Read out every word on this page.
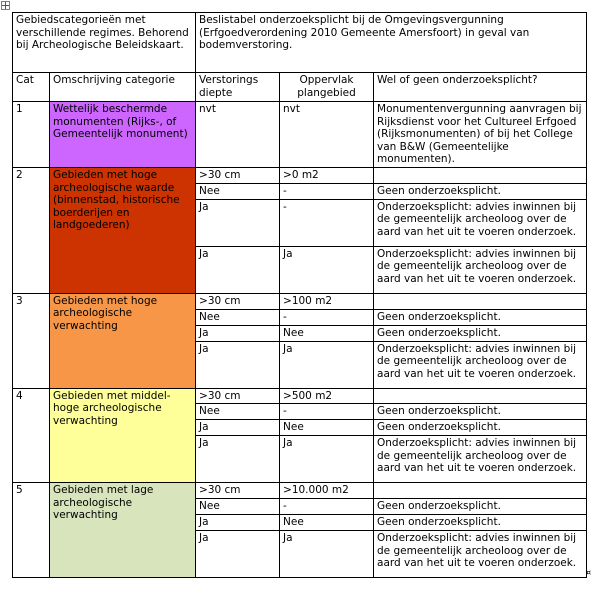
Gebiedscategorieën met verschillende regimes. Behorend bij Archeologische Beleidskaart.		Beslistabel onderzoeksplicht bij de Omgevingsvergunning (Erfgoedverordening 2010 Gemeente Amersfoort) in geval van bodemverstoring.		
Cat	Omschrijving categorie	Verstorings diepte	Oppervlak plangebied	Wel of geen onderzoeksplicht?
1	Wettelijk beschermde monumenten (Rijks-, of Gemeentelijk monument)	nvt	nvt	Monumentenvergunning aanvragen bij Rijksdienst voor het Cultureel Erfgoed (Rijksmonumenten) of bij het College van B&W (Gemeentelijke monumenten).
2	Gebieden met hoge archeologische waarde (binnenstad, historische boerderijen en landgoederen)	>30 cm	>0 m2	
		Nee	-	Geen onderzoeksplicht.
		Ja	-	Onderzoeksplicht: advies inwinnen bij de gemeentelijk archeoloog over de aard van het uit te voeren onderzoek.
		Ja	Ja	Onderzoeksplicht: advies inwinnen bij de gemeentelijk archeoloog over de aard van het uit te voeren onderzoek.
3	Gebieden met hoge archeologische verwachting	>30 cm	>100 m2	
		Nee	-	Geen onderzoeksplicht.
		Ja	Nee	Geen onderzoeksplicht.
		Ja	Ja	Onderzoeksplicht: advies inwinnen bij de gemeentelijk archeoloog over de aard van het uit te voeren onderzoek.
4	Gebieden met middel-hoge archeologische verwachting	>30 cm	>500 m2	
		Nee	-	Geen onderzoeksplicht.
		Ja	Nee	Geen onderzoeksplicht.
		Ja	Ja	Onderzoeksplicht: advies inwinnen bij de gemeentelijk archeoloog over de aard van het uit te voeren onderzoek.
5	Gebieden met lage archeologische verwachting	>30 cm	>10.000 m2	
		Nee	-	Geen onderzoeksplicht.
		Ja	Nee	Geen onderzoeksplicht.
		Ja	Ja	Onderzoeksplicht: advies inwinnen bij de gemeentelijk archeoloog over de aard van het uit te voeren onderzoek.
¤
